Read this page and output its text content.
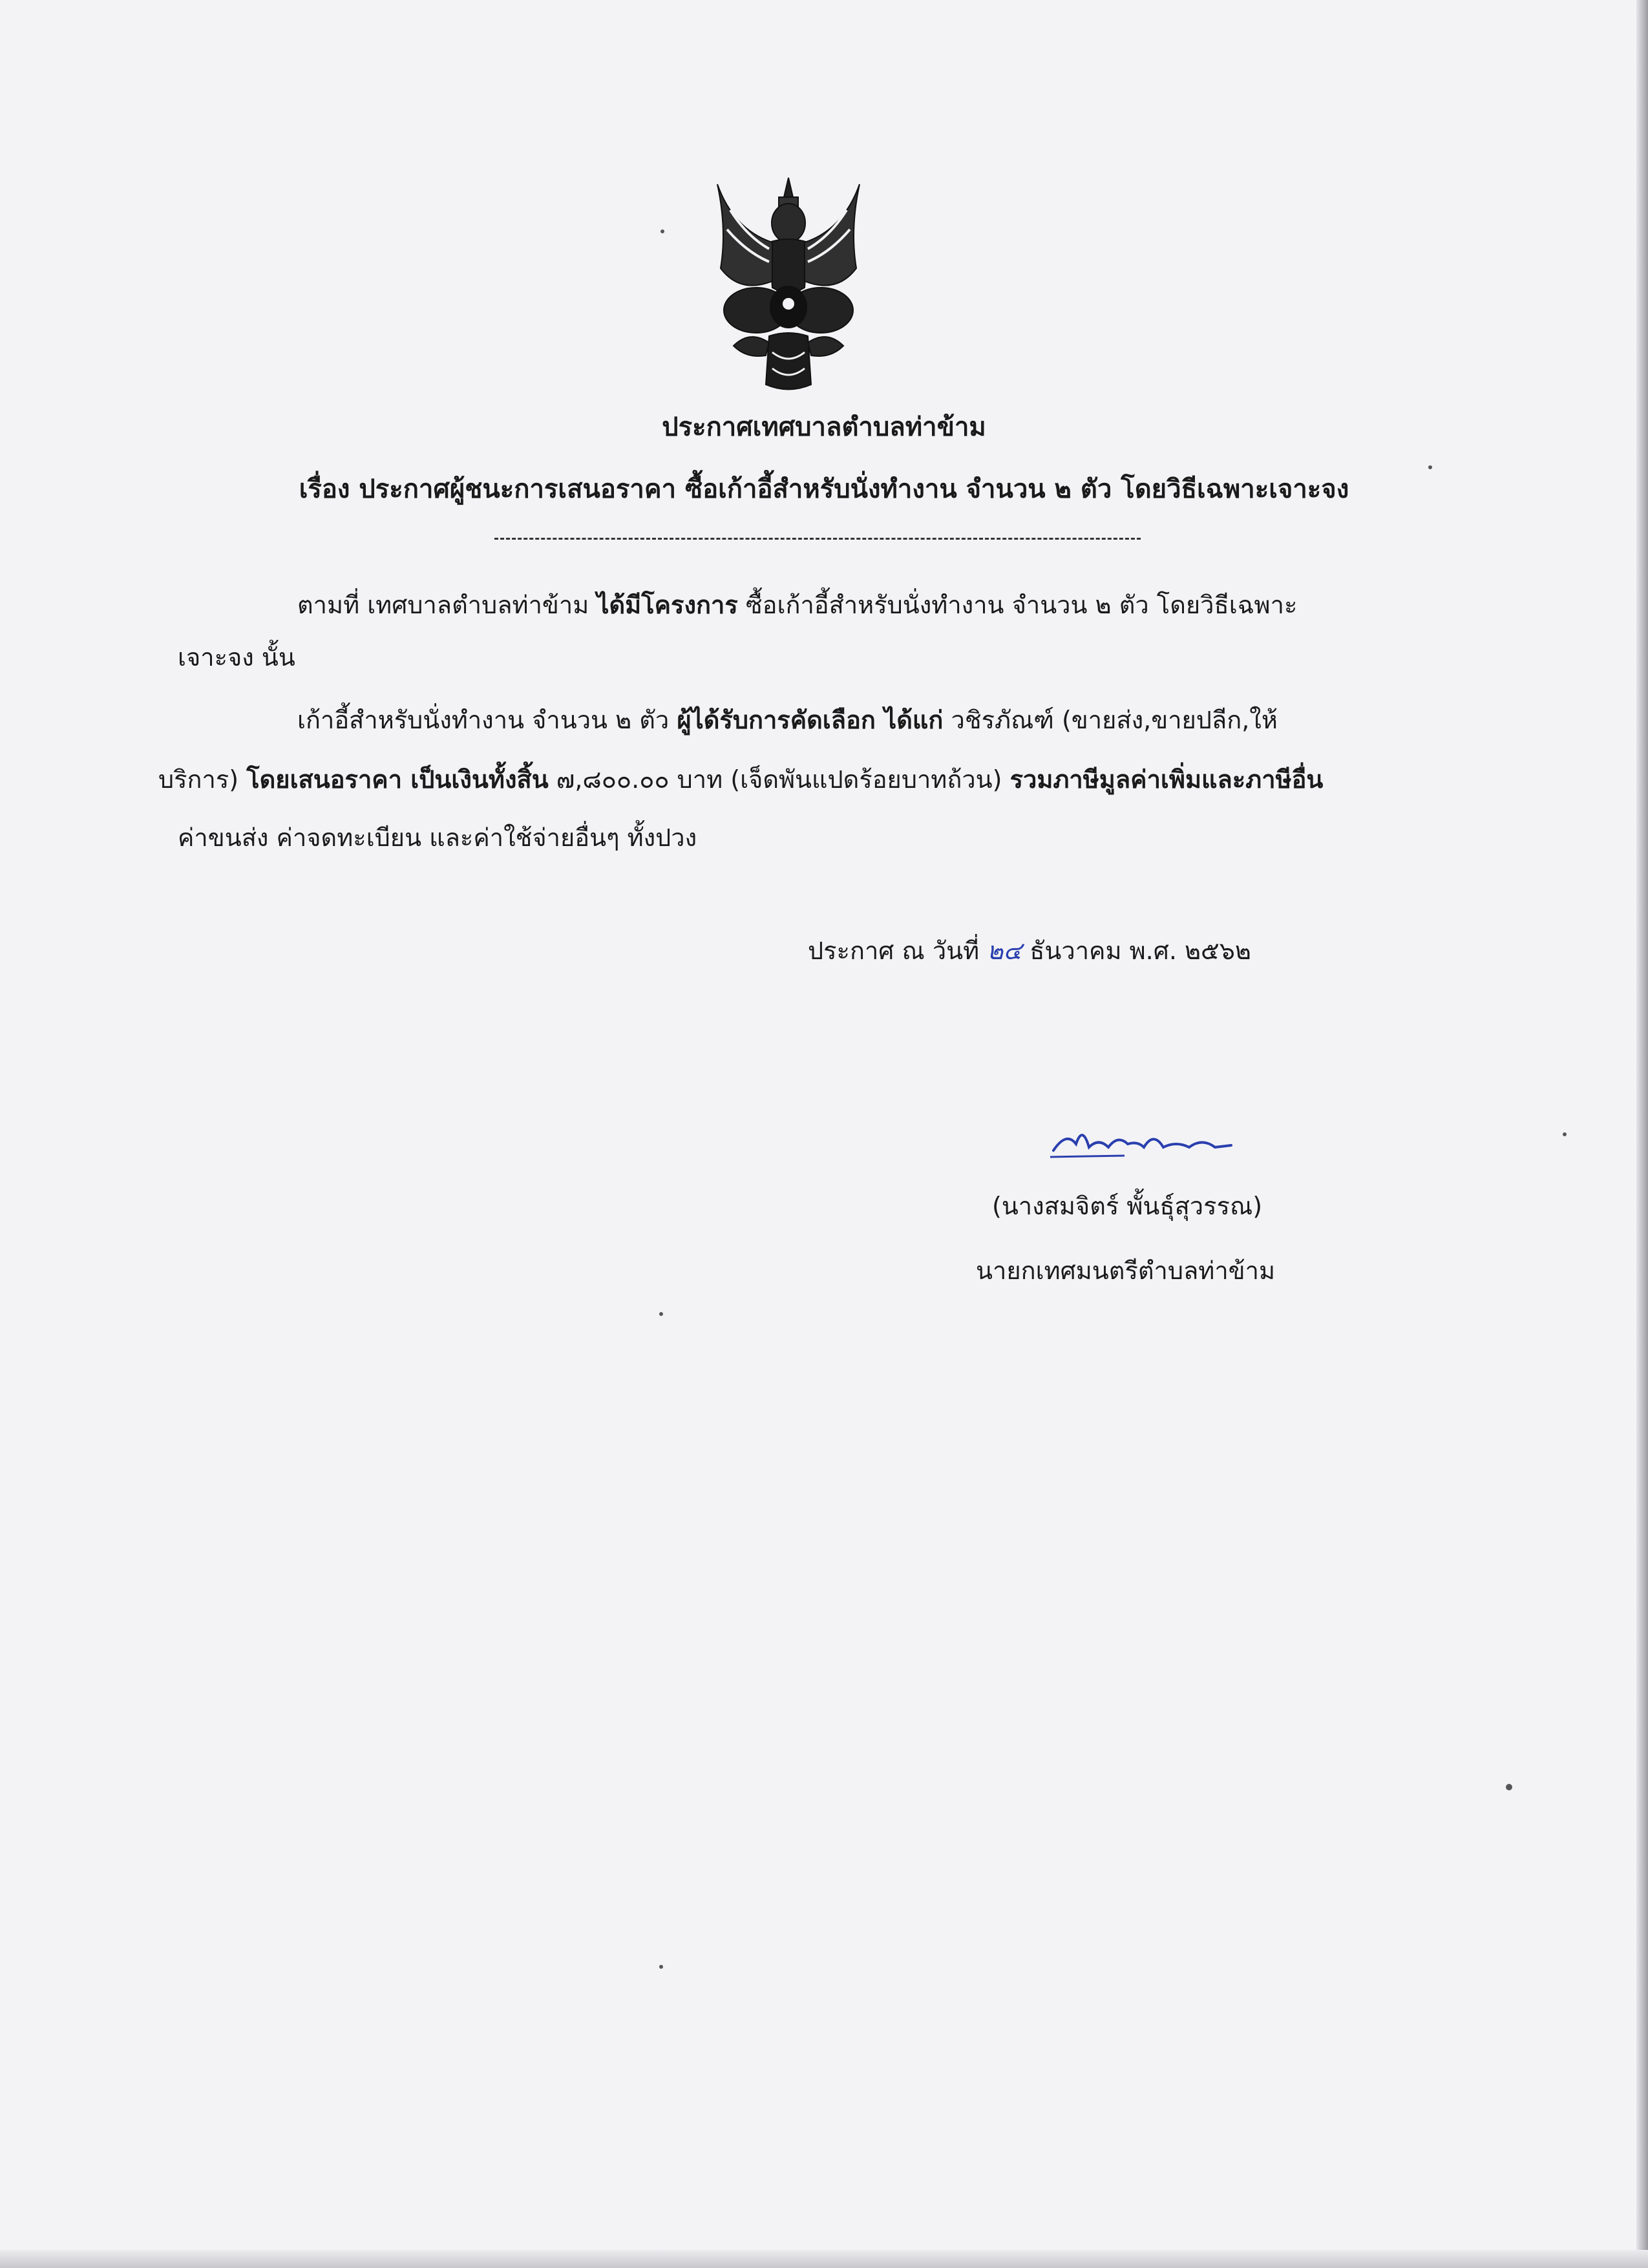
ประกาศเทศบาลตำบลท่าข้าม
เรื่อง ประกาศผู้ชนะการเสนอราคา ซื้อเก้าอี้สำหรับนั่งทำงาน จำนวน ๒ ตัว โดยวิธีเฉพาะเจาะจง
ตามที่ เทศบาลตำบลท่าข้าม ได้มีโครงการ ซื้อเก้าอี้สำหรับนั่งทำงาน จำนวน ๒ ตัว โดยวิธีเฉพาะ
เจาะจง นั้น
เก้าอี้สำหรับนั่งทำงาน จำนวน ๒ ตัว ผู้ได้รับการคัดเลือก ได้แก่ วชิรภัณฑ์ (ขายส่ง,ขายปลีก,ให้
บริการ) โดยเสนอราคา เป็นเงินทั้งสิ้น ๗,๘๐๐.๐๐ บาท (เจ็ดพันแปดร้อยบาทถ้วน) รวมภาษีมูลค่าเพิ่มและภาษีอื่น
ค่าขนส่ง ค่าจดทะเบียน และค่าใช้จ่ายอื่นๆ ทั้งปวง
ประกาศ ณ วันที่ ๒๔ ธันวาคม พ.ศ. ๒๕๖๒
(นางสมจิตร์ พั้นธุ์สุวรรณ)
นายกเทศมนตรีตำบลท่าข้าม
